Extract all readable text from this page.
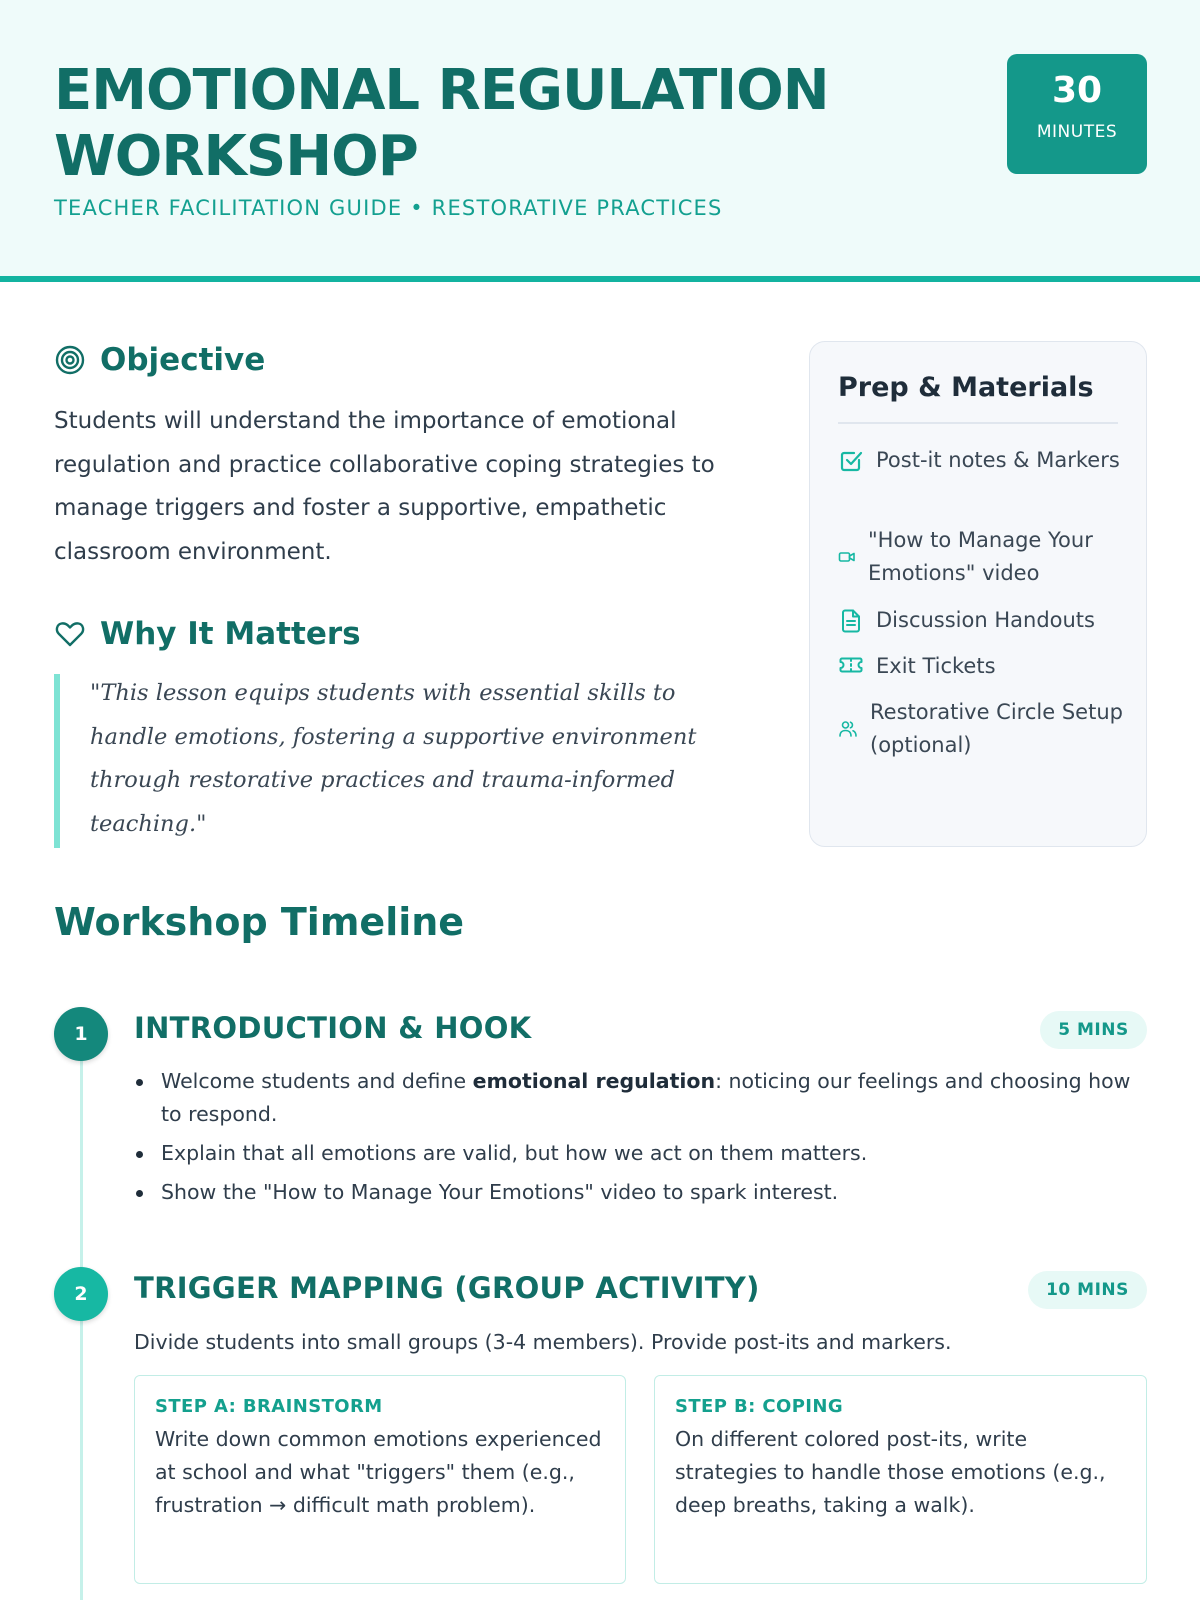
EMOTIONAL REGULATION
WORKSHOP
TEACHER FACILITATION GUIDE • RESTORATIVE PRACTICES
30
MINUTES
Objective

Students will understand the importance of emotional regulation and practice collaborative coping strategies to manage triggers and foster a supportive, empathetic classroom environment.

Why It Matters

"This lesson equips students with essential skills to handle emotions, fostering a supportive environment through restorative practices and trauma-informed teaching."

Prep & Materials
Post-it notes & Markers
"How to Manage Your Emotions" video
Discussion Handouts
Exit Tickets
Restorative Circle Setup (optional)
Workshop Timeline
1	INTRODUCTION & HOOK	5 MINS
Welcome students and define emotional regulation: noticing our feelings and choosing how to respond.
Explain that all emotions are valid, but how we act on them matters.
Show the "How to Manage Your Emotions" video to spark interest.
2	TRIGGER MAPPING (GROUP ACTIVITY)	10 MINS

Divide students into small groups (3-4 members). Provide post-its and markers.

STEP A: BRAINSTORM

Write down common emotions experienced at school and what "triggers" them (e.g., frustration → difficult math problem).

STEP B: COPING

On different colored post-its, write strategies to handle those emotions (e.g., deep breaths, taking a walk).
